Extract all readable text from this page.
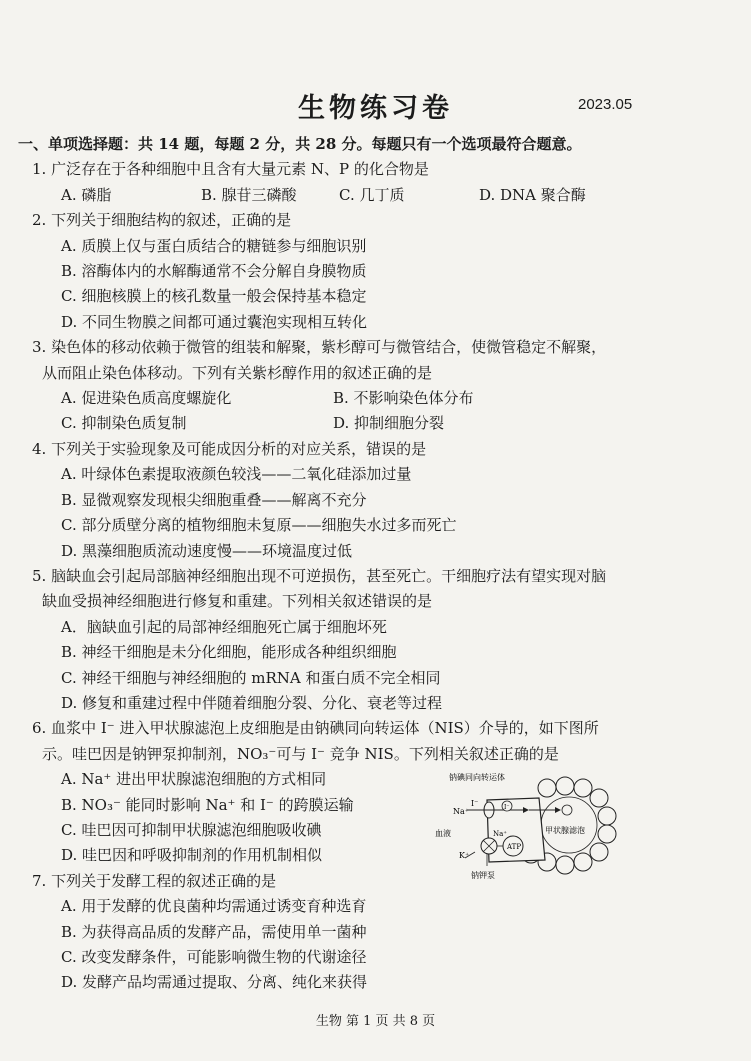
生物练习卷	2023.05
一、单项选择题：共 14 题，每题 2 分，共 28 分。每题只有一个选项最符合题意。
1. 广泛存在于各种细胞中且含有大量元素 N、P 的化合物是
A. 磷脂	B. 腺苷三磷酸	C. 几丁质	D. DNA 聚合酶
2. 下列关于细胞结构的叙述，正确的是
A. 质膜上仅与蛋白质结合的糖链参与细胞识别
B. 溶酶体内的水解酶通常不会分解自身膜物质
C. 细胞核膜上的核孔数量一般会保持基本稳定
D. 不同生物膜之间都可通过囊泡实现相互转化
3. 染色体的移动依赖于微管的组装和解聚，紫杉醇可与微管结合，使微管稳定不解聚，
从而阻止染色体移动。下列有关紫杉醇作用的叙述正确的是
A. 促进染色质高度螺旋化	B. 不影响染色体分布
C. 抑制染色质复制	D. 抑制细胞分裂
4. 下列关于实验现象及可能成因分析的对应关系，错误的是
A. 叶绿体色素提取液颜色较浅——二氧化硅添加过量
B. 显微观察发现根尖细胞重叠——解离不充分
C. 部分质壁分离的植物细胞未复原——细胞失水过多而死亡
D. 黑藻细胞质流动速度慢——环境温度过低
5. 脑缺血会引起局部脑神经细胞出现不可逆损伤，甚至死亡。干细胞疗法有望实现对脑
缺血受损神经细胞进行修复和重建。下列相关叙述错误的是
A．脑缺血引起的局部神经细胞死亡属于细胞坏死
B. 神经干细胞是未分化细胞，能形成各种组织细胞
C. 神经干细胞与神经细胞的 mRNA 和蛋白质不完全相同
D. 修复和重建过程中伴随着细胞分裂、分化、衰老等过程
6. 血浆中 I⁻ 进入甲状腺滤泡上皮细胞是由钠碘同向转运体（NIS）介导的，如下图所
示。哇巴因是钠钾泵抑制剂，NO₃⁻可与 I⁻ 竞争 NIS。下列相关叙述正确的是
A. Na⁺ 进出甲状腺滤泡细胞的方式相同
B. NO₃⁻ 能同时影响 Na⁺ 和 I⁻ 的跨膜运输
C. 哇巴因可抑制甲状腺滤泡细胞吸收碘
D. 哇巴因和呼吸抑制剂的作用机制相似
7. 下列关于发酵工程的叙述正确的是
A. 用于发酵的优良菌种均需通过诱变育种选育
B. 为获得高品质的发酵产品，需使用单一菌种
C. 改变发酵条件，可能影响微生物的代谢途径
D. 发酵产品均需通过提取、分离、纯化来获得
I⁻
钠碘同向转运体
Na⁺
I⁻
血液	Na⁺
K⁺
ATP
甲状腺滤泡
钠钾泵
生物 第 1 页 共 8 页
